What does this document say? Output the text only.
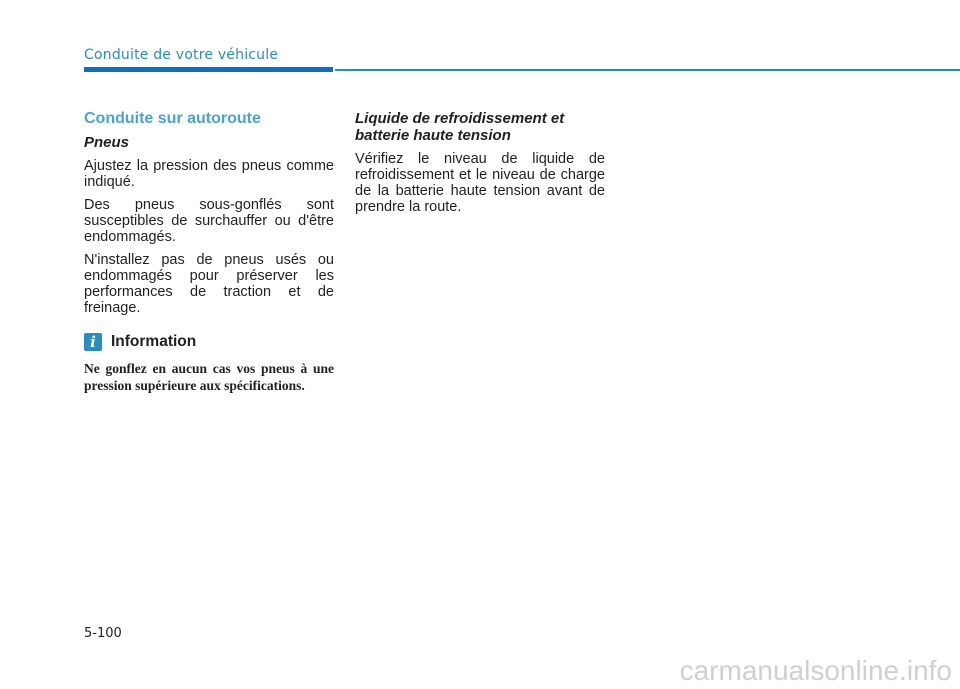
Conduite de votre véhicule
Conduite sur autoroute
Pneus

Ajustez la pression des pneus comme indiqué.

Des pneus sous-gonflés sont susceptibles de surchauffer ou d'être endommagés.

N'installez pas de pneus usés ou endommagés pour préserver les performances de traction et de freinage.

i Information

Ne gonflez en aucun cas vos pneus à une pression supérieure aux spécifications.

Liquide de refroidissement et batterie haute tension

Vérifiez le niveau de liquide de refroidissement et le niveau de charge de la batterie haute tension avant de prendre la route.

5-100
carmanualsonline.info
